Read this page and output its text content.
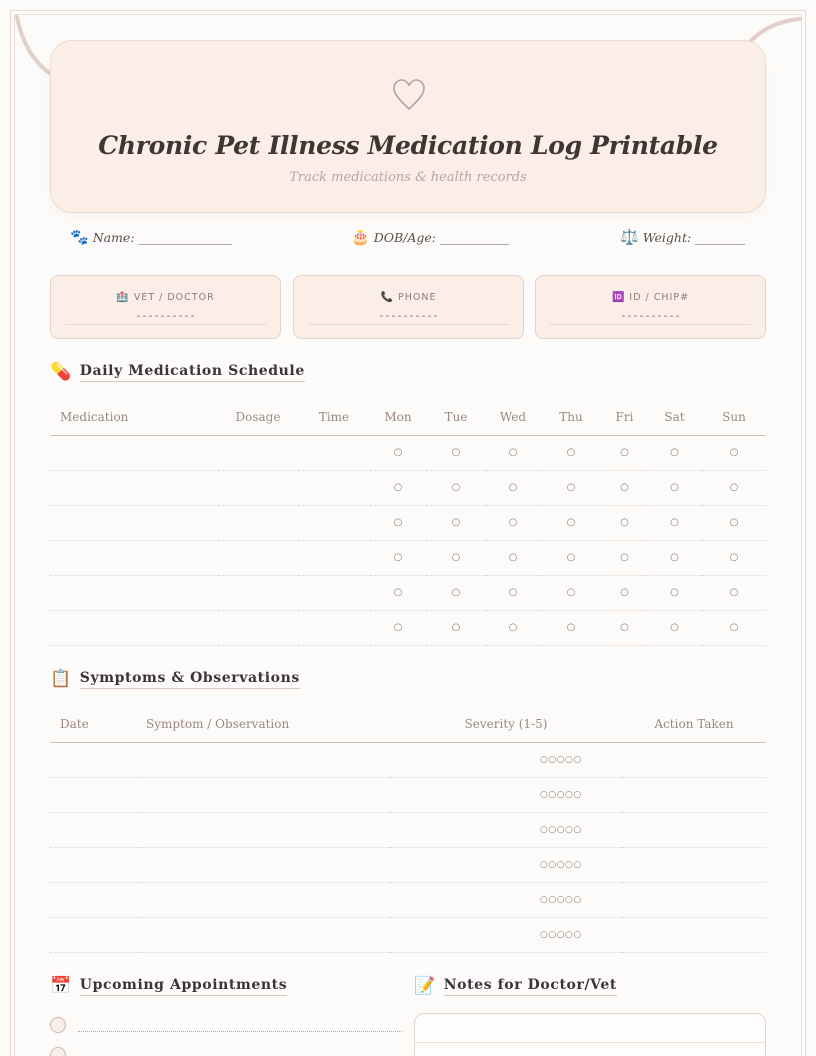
Chronic Pet Illness Medication Log Printable
Track medications & health records
🐾 Name: _______________	🎂 DOB/Age: ___________	⚖️ Weight: ________
🏥 VET / DOCTOR
----------
📞 PHONE
----------
🆔 ID / CHIP#
----------
💊 Daily Medication Schedule
Medication	Dosage	Time	Mon	Tue	Wed	Thu	Fri	Sat	Sun
			○	○	○	○	○	○	○
			○	○	○	○	○	○	○
			○	○	○	○	○	○	○
			○	○	○	○	○	○	○
			○	○	○	○	○	○	○
			○	○	○	○	○	○	○
📋 Symptoms & Observations
Date	Symptom / Observation	Severity (1-5)	Action Taken
		○○○○○	
		○○○○○	
		○○○○○	
		○○○○○	
		○○○○○	
		○○○○○	
📅 Upcoming Appointments	📝 Notes for Doctor/Vet
